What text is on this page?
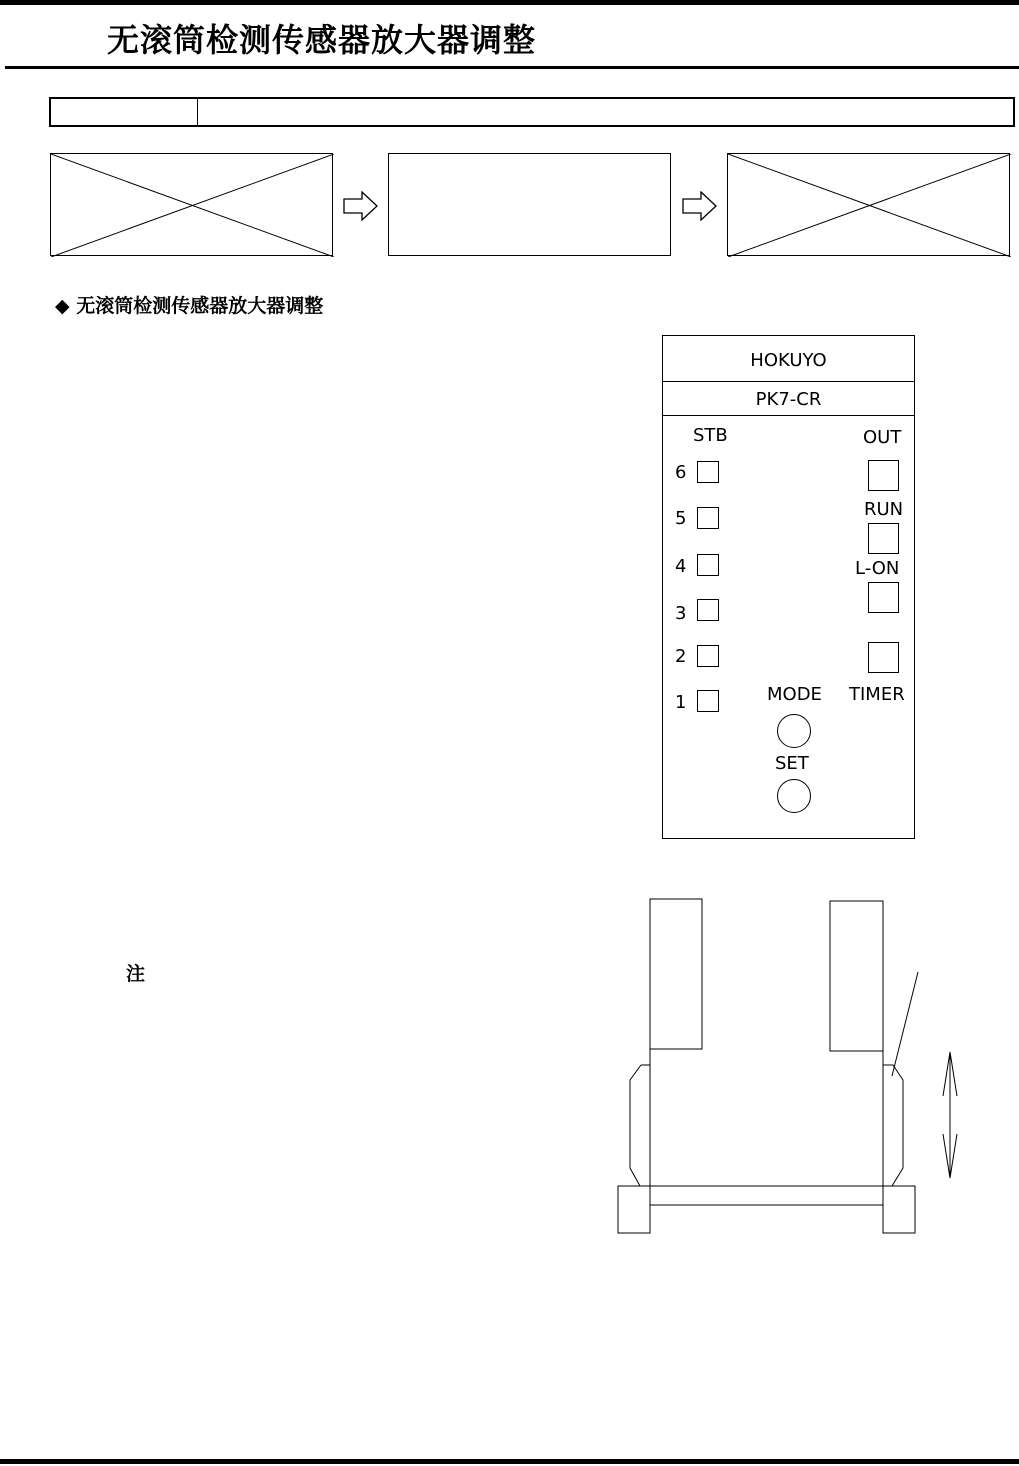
无滚筒检测传感器放大器调整
◆ 无滚筒检测传感器放大器调整
HOKUYO
PK7-CR
STB	OUT
6
5
4
3
2
1
RUN
L-ON
TIMER
MODE
SET
注
